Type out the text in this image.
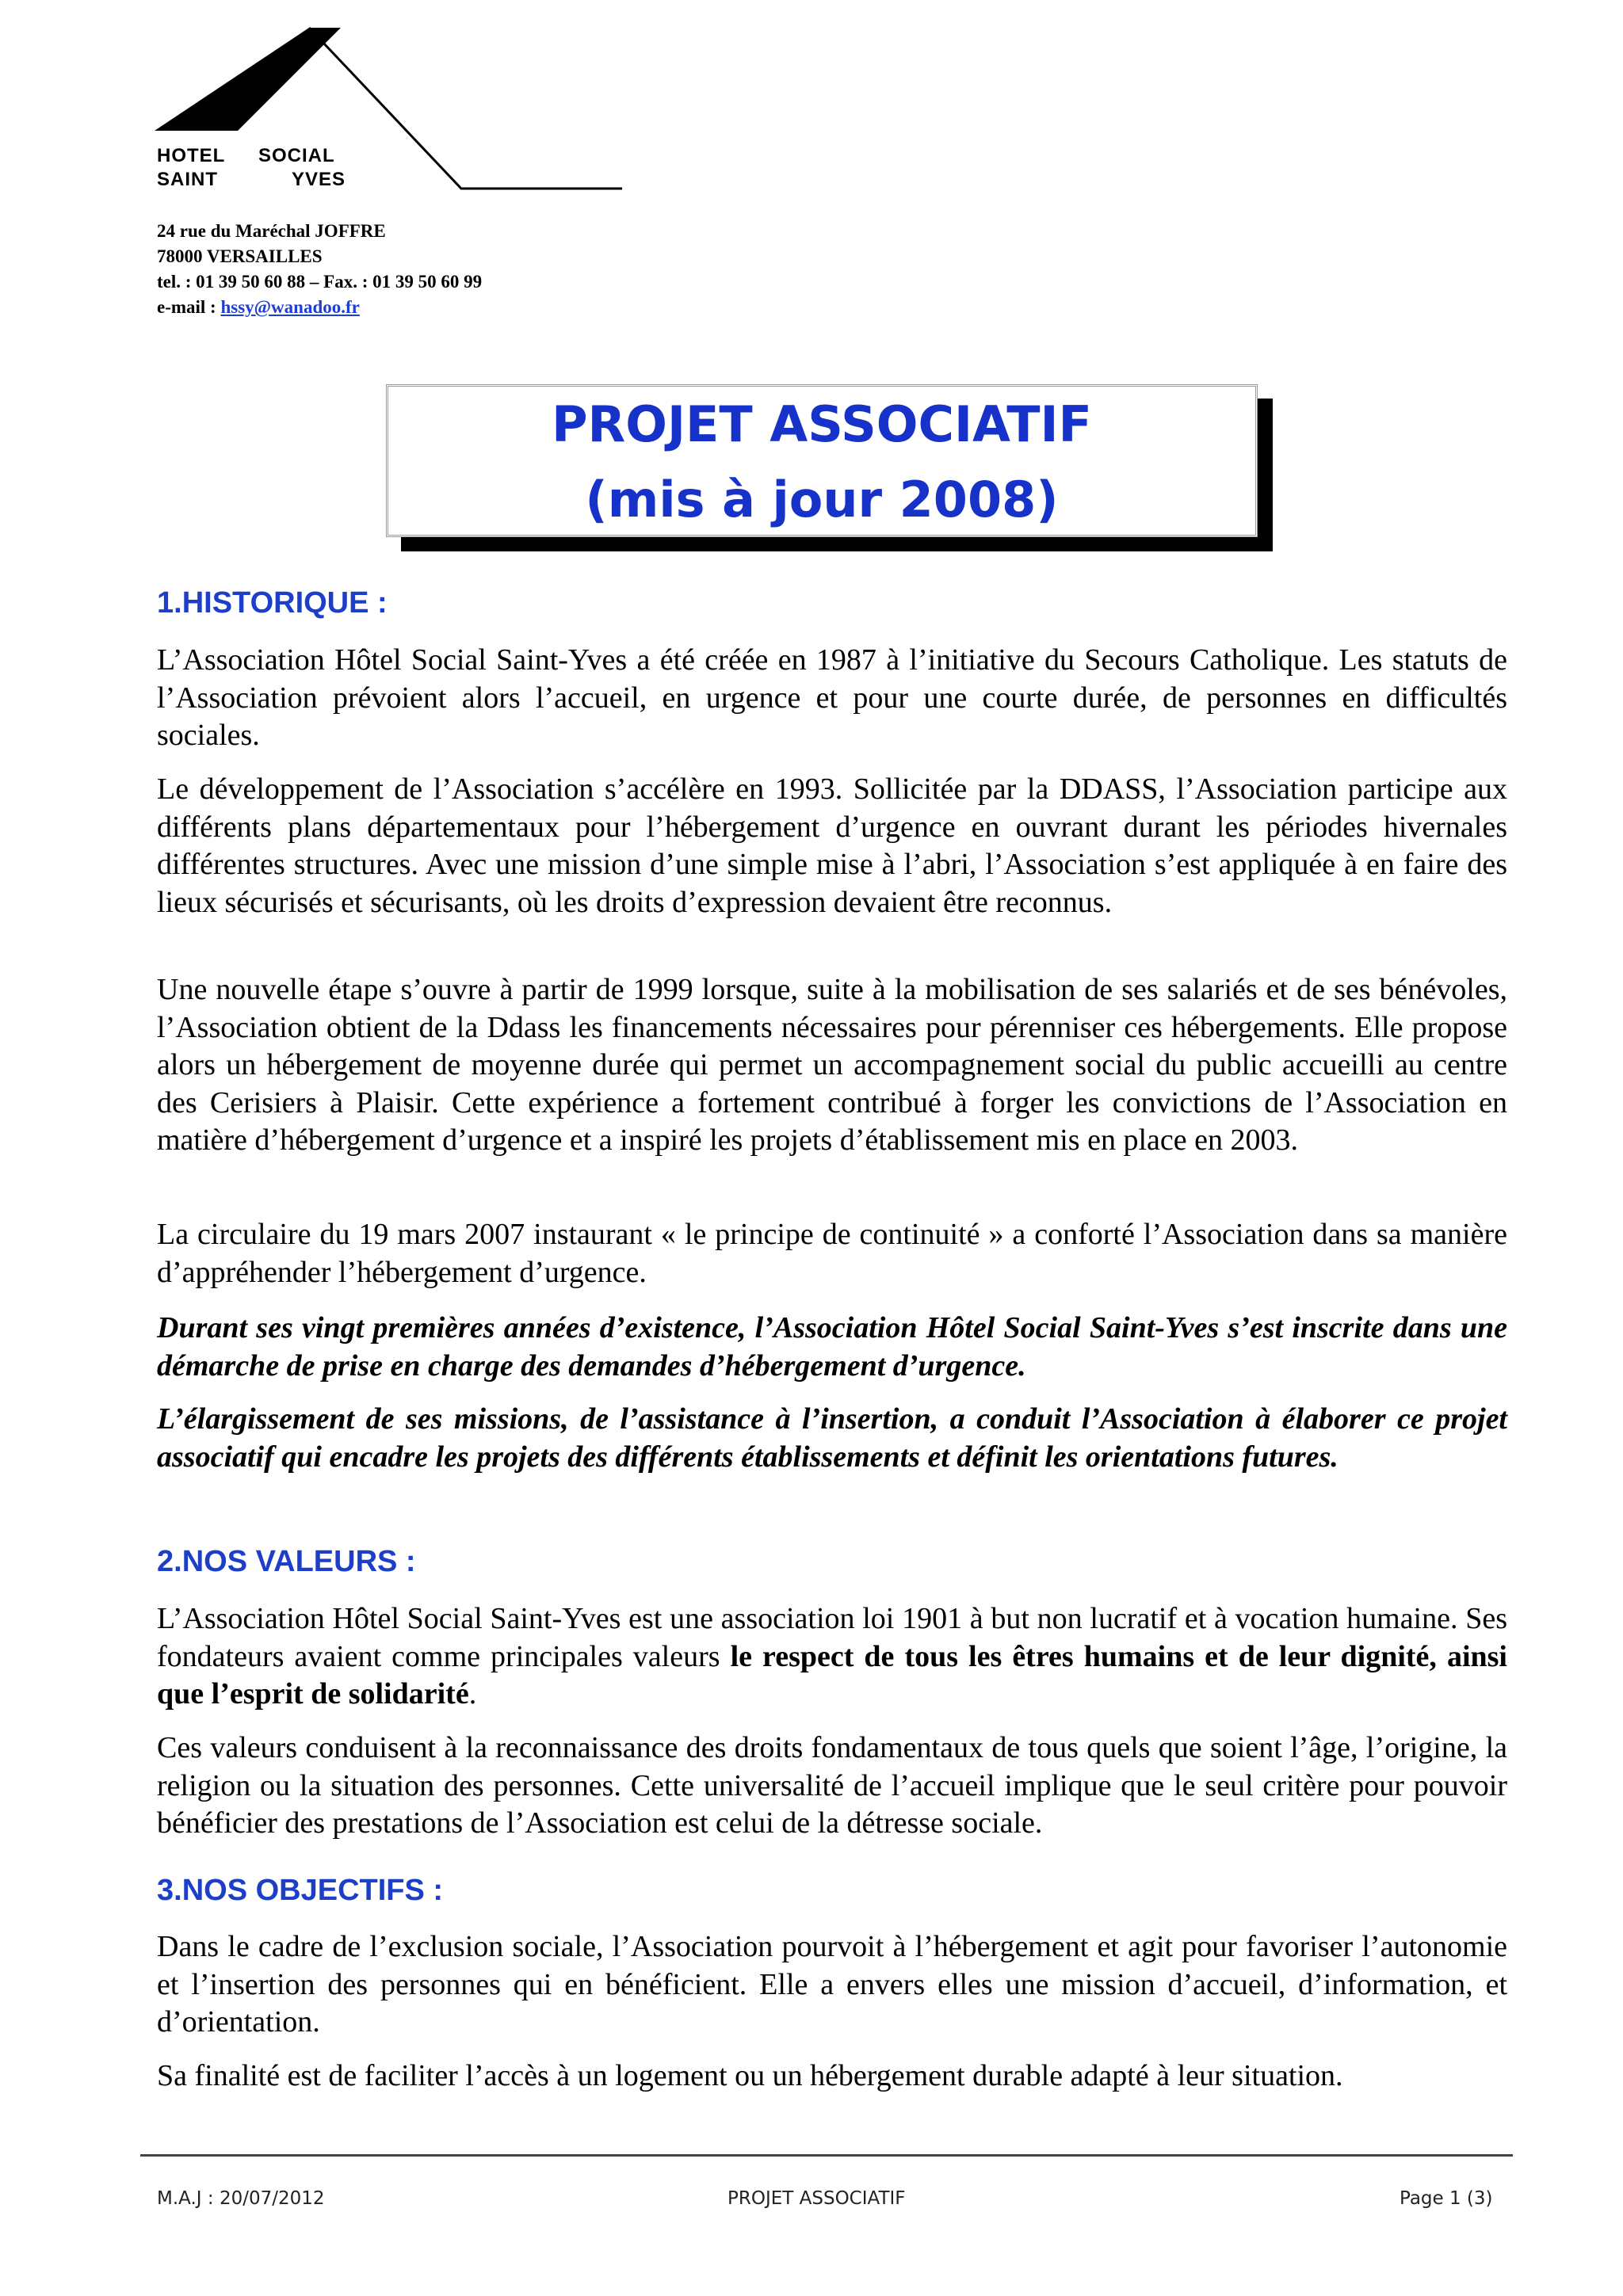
HOTEL SOCIAL
SAINT	YVES
24 rue du Maréchal JOFFRE
78000 VERSAILLES
tel. : 01 39 50 60 88 – Fax. : 01 39 50 60 99
e-mail : hssy@wanadoo.fr
PROJET ASSOCIATIF
(mis à jour 2008)
1.HISTORIQUE :

L’Association Hôtel Social Saint-Yves a été créée en 1987 à l’initiative du Secours Catholique. Les statuts de l’Association prévoient alors l’accueil, en urgence et pour une courte durée, de personnes en difficultés sociales.

Le développement de l’Association s’accélère en 1993. Sollicitée par la DDASS, l’Association participe aux différents plans départementaux pour l’hébergement d’urgence en ouvrant durant les périodes hivernales différentes structures. Avec une mission d’une simple mise à l’abri, l’Association s’est appliquée à en faire des lieux sécurisés et sécurisants, où les droits d’expression devaient être reconnus.

Une nouvelle étape s’ouvre à partir de 1999 lorsque, suite à la mobilisation de ses salariés et de ses bénévoles, l’Association obtient de la Ddass les financements nécessaires pour pérenniser ces hébergements. Elle propose alors un hébergement de moyenne durée qui permet un accompagnement social du public accueilli au centre des Cerisiers à Plaisir. Cette expérience a fortement contribué à forger les convictions de l’Association en matière d’hébergement d’urgence et a inspiré les projets d’établissement mis en place en 2003.

La circulaire du 19 mars 2007 instaurant « le principe de continuité » a conforté l’Association dans sa manière d’appréhender l’hébergement d’urgence.

Durant ses vingt premières années d’existence, l’Association Hôtel Social Saint-Yves s’est inscrite dans une démarche de prise en charge des demandes d’hébergement d’urgence.

L’élargissement de ses missions, de l’assistance à l’insertion, a conduit l’Association à élaborer ce projet associatif qui encadre les projets des différents établissements et définit les orientations futures.

2.NOS VALEURS :

L’Association Hôtel Social Saint-Yves est une association loi 1901 à but non lucratif et à vocation humaine. Ses fondateurs avaient comme principales valeurs le respect de tous les êtres humains et de leur dignité, ainsi que l’esprit de solidarité.

Ces valeurs conduisent à la reconnaissance des droits fondamentaux de tous quels que soient l’âge, l’origine, la religion ou la situation des personnes. Cette universalité de l’accueil implique que le seul critère pour pouvoir bénéficier des prestations de l’Association est celui de la détresse sociale.

3.NOS OBJECTIFS :

Dans le cadre de l’exclusion sociale, l’Association pourvoit à l’hébergement et agit pour favoriser l’autonomie et l’insertion des personnes qui en bénéficient. Elle a envers elles une mission d’accueil, d’information, et d’orientation.

Sa finalité est de faciliter l’accès à un logement ou un hébergement durable adapté à leur situation.

M.A.J : 20/07/2012	PROJET ASSOCIATIF	Page 1 (3)
